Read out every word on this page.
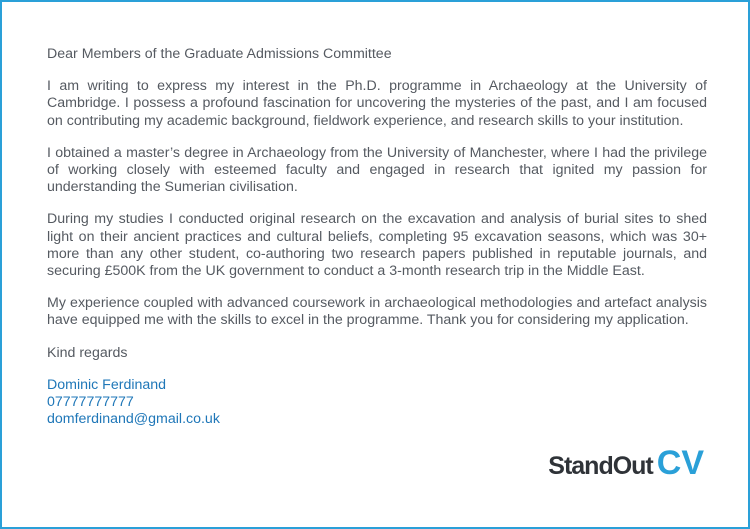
Dear Members of the Graduate Admissions Committee

I am writing to express my interest in the Ph.D. programme in Archaeology at the University of Cambridge. I possess a profound fascination for uncovering the mysteries of the past, and I am focused on contributing my academic background, fieldwork experience, and research skills to your institution.

I obtained a master’s degree in Archaeology from the University of Manchester, where I had the privilege of working closely with esteemed faculty and engaged in research that ignited my passion for understanding the Sumerian civilisation.

During my studies I conducted original research on the excavation and analysis of burial sites to shed light on their ancient practices and cultural beliefs, completing 95 excavation seasons, which was 30+ more than any other student, co-authoring two research papers published in reputable journals, and securing £500K from the UK government to conduct a 3-month research trip in the Middle East.

My experience coupled with advanced coursework in archaeological methodologies and artefact analysis have equipped me with the skills to excel in the programme. Thank you for considering my application.

Kind regards

Dominic Ferdinand
07777777777
domferdinand@gmail.co.uk
StandOut CV
